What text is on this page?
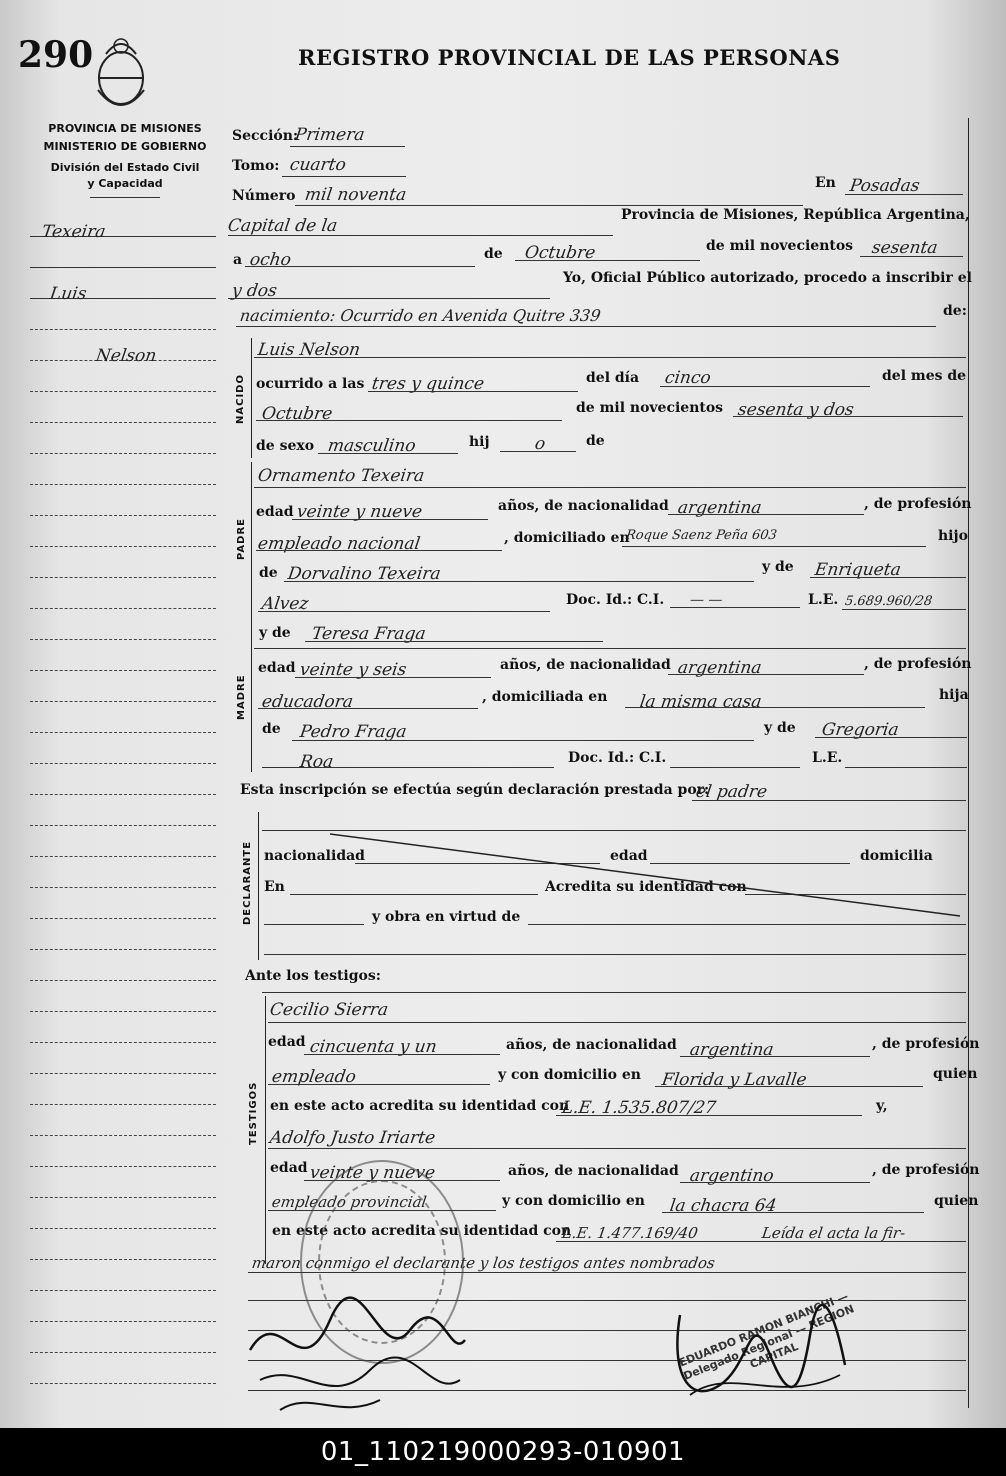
290	REGISTRO PROVINCIAL DE LAS PERSONAS
PROVINCIA DE MISIONES
MINISTERIO DE GOBIERNO
División del Estado Civil
y Capacidad
Texeira
Luis
Nelson
Sección:
Primera
Tomo: cuarto
Número mil noventa
En Posadas
Capital de la
Provincia de Misiones, República Argentina,
a ocho	de Octubre	de mil novecientos sesenta
y dos
Yo, Oficial Público autorizado, procedo a inscribir el
nacimiento: Ocurrido en Avenida Quitre 339	de:
NACIDO
Luis Nelson
ocurrido a las tres y quince	del día cinco	del mes de
Octubre	de mil novecientos sesenta y dos
de sexo masculino	hij	o	de
PADRE
Ornamento Texeira
edad veinte y nueve	años, de nacionalidad argentina	, de profesión
empleado nacional	, domiciliado en
Roque Saenz Peña 603	hijo
de Dorvalino Texeira	y de Enriqueta
Alvez	Doc. Id.: C.I. — —	L.E. 5.689.960/28
MADRE
y de Teresa Fraga
edad veinte y seis	años, de nacionalidad argentina	, de profesión
educadora	, domiciliada en la misma casa	hija
de Pedro Fraga	y de Gregoria
Roa	Doc. Id.: C.I.	L.E.
Esta inscripción se efectúa según declaración prestada por:
el padre
DECLARANTE nacionalidad	edad	domicilia
En	Acredita su identidad con
y obra en virtud de
Ante los testigos:
TESTIGOS
Cecilio Sierra
edad cincuenta y un	años, de nacionalidad argentina	, de profesión
empleado	y con domicilio en Florida y Lavalle	quien
en este acto acredita su identidad con
L.E. 1.535.807/27	y,
Adolfo Justo Iriarte
edad veinte y nueve	años, de nacionalidad argentino	, de profesión
empleado provincial	y con domicilio en la chacra 64	quien
en este acto acredita su identidad con
L.E. 1.477.169/40	Leída el acta la fir-
maron conmigo el declarante y los testigos antes nombrados
EDUARDO RAMON BIANCHI — Delegado Regional — REGION CAPITAL
01_110219000293-010901
